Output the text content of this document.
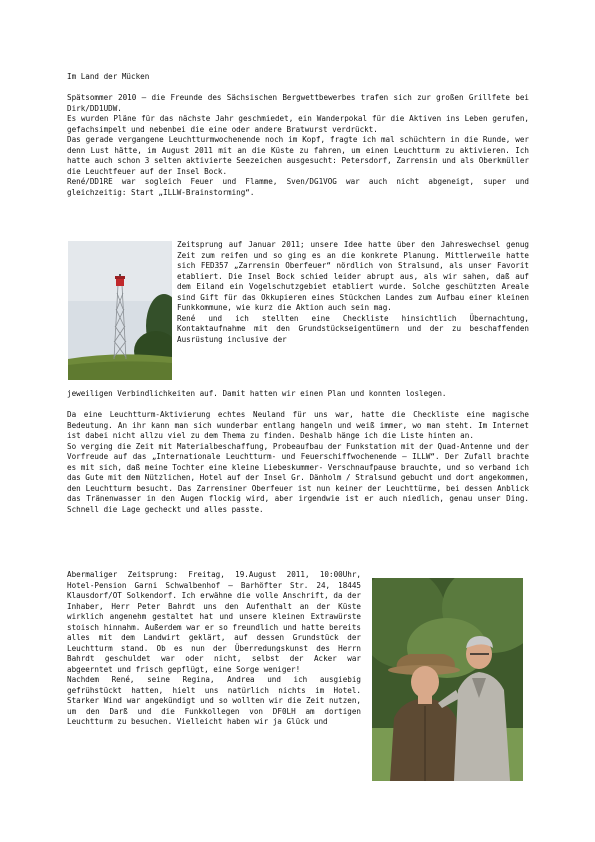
Im Land der Mücken

Spätsommer 2010 – die Freunde des Sächsischen Bergwettbewerbes trafen sich zur großen Grillfete bei Dirk/DD1UDW.

Es wurden Pläne für das nächste Jahr geschmiedet, ein Wanderpokal für die Aktiven ins Leben gerufen, gefachsimpelt und nebenbei die eine oder andere Bratwurst verdrückt.

Das gerade vergangene Leuchtturmwochenende noch im Kopf, fragte ich mal schüchtern in die Runde, wer denn Lust hätte, im August 2011 mit an die Küste zu fahren, um einen Leuchtturm zu aktivieren. Ich hatte auch schon 3 selten aktivierte Seezeichen ausgesucht: Petersdorf, Zarrensin und als Oberkmüller die Leuchtfeuer auf der Insel Bock.

René/DD1RE war sogleich Feuer und Flamme, Sven/DG1VOG war auch nicht abgeneigt, super und gleichzeitig: Start „ILLW-Brainstorming“.

Zeitsprung auf Januar 2011; unsere Idee hatte über den Jahreswechsel genug Zeit zum reifen und so ging es an die konkrete Planung. Mittlerweile hatte sich FED357 „Zarrensin Oberfeuer“ nördlich von Stralsund, als unser Favorit etabliert. Die Insel Bock schied leider abrupt aus, als wir sahen, daß auf dem Eiland ein Vogelschutzgebiet etabliert wurde. Solche geschützten Areale sind Gift für das Okkupieren eines Stückchen Landes zum Aufbau einer kleinen Funkkommune, wie kurz die Aktion auch sein mag.

René und ich stellten eine Checkliste hinsichtlich Übernachtung, Kontaktaufnahme mit den Grundstückseigentümern und der zu beschaffenden Ausrüstung inclusive der

jeweiligen Verbindlichkeiten auf. Damit hatten wir einen Plan und konnten loslegen.

Da eine Leuchtturm-Aktivierung echtes Neuland für uns war, hatte die Checkliste eine magische Bedeutung. An ihr kann man sich wunderbar entlang hangeln und weiß immer, wo man steht. Im Internet ist dabei nicht allzu viel zu dem Thema zu finden. Deshalb hänge ich die Liste hinten an.

So verging die Zeit mit Materialbeschaffung, Probeaufbau der Funkstation mit der Quad-Antenne und der Vorfreude auf das „Internationale Leuchtturm- und Feuerschiffwochenende – ILLW“. Der Zufall brachte es mit sich, daß meine Tochter eine kleine Liebeskummer- Verschnaufpause brauchte, und so verband ich das Gute mit dem Nützlichen, Hotel auf der Insel Gr. Dänholm / Stralsund gebucht und dort angekommen, den Leuchtturm besucht. Das Zarrensiner Oberfeuer ist nun keiner der Leuchttürme, bei dessen Anblick das Tränenwasser in den Augen flockig wird, aber irgendwie ist er auch niedlich, genau unser Ding. Schnell die Lage gecheckt und alles passte.

Abermaliger Zeitsprung: Freitag, 19.August 2011, 10:00Uhr, Hotel-Pension Garni Schwalbenhof – Barhöfter Str. 24, 18445 Klausdorf/OT Solkendorf. Ich erwähne die volle Anschrift, da der Inhaber, Herr Peter Bahrdt uns den Aufenthalt an der Küste wirklich angenehm gestaltet hat und unsere kleinen Extrawürste stoisch hinnahm. Außerdem war er so freundlich und hatte bereits alles mit dem Landwirt geklärt, auf dessen Grundstück der Leuchtturm stand. Ob es nun der Überredungskunst des Herrn Bahrdt geschuldet war oder nicht, selbst der Acker war abgeerntet und frisch gepflügt, eine Sorge weniger!

Nachdem René, seine Regina, Andrea und ich ausgiebig gefrühstückt hatten, hielt uns natürlich nichts im Hotel. Starker Wind war angekündigt und so wollten wir die Zeit nutzen, um den Darß und die Funkkollegen von DF0LH am dortigen Leuchtturm zu besuchen. Vielleicht haben wir ja Glück und
